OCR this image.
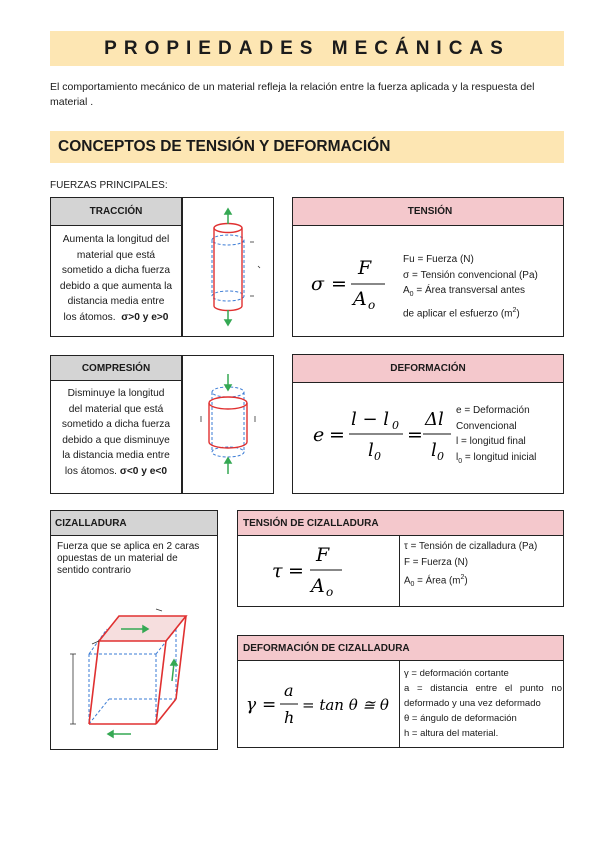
PROPIEDADES MECÁNICAS
El comportamiento mecánico de un material refleja la relación entre la fuerza aplicada y la respuesta del material .
CONCEPTOS DE TENSIÓN Y DEFORMACIÓN
FUERZAS PRINCIPALES:
TRACCIÓN
Aumenta la longitud del
material que está
sometido a dicha fuerza
debido a que aumenta la
distancia media entre
los átomos. σ>0 y e>0
TENSIÓN
σ =
F
A o
Fu = Fuerza (N)
σ = Tensión convencional (Pa)
$A_0$ = Área transversal antes
de aplicar el esfuerzo $(m^2)$
COMPRESIÓN
Disminuye la longitud
del material que está
sometido a dicha fuerza
debido a que disminuye
la distancia media entre
los átomos. σ<0 y e<0
DEFORMACIÓN
e =
l − l 0
l 0
=
Δl
l 0
e = Deformación
Convencional
l = longitud final
$l_0$ = longitud inicial
CIZALLADURA
Fuerza que se aplica en 2 caras
opuestas de un material de
sentido contrario
TENSIÓN DE CIZALLADURA
τ =
F
A o
τ = Tensión de cizalladura (Pa)
F = Fuerza (N)
$A_0$ = Área $(m^2)$
DEFORMACIÓN DE CIZALLADURA
γ =
a
h
= tan θ ≅ θ
γ = deformación cortante
a = distancia entre el punto no
deformado y una vez deformado
θ = ángulo de deformación
h = altura del material.
